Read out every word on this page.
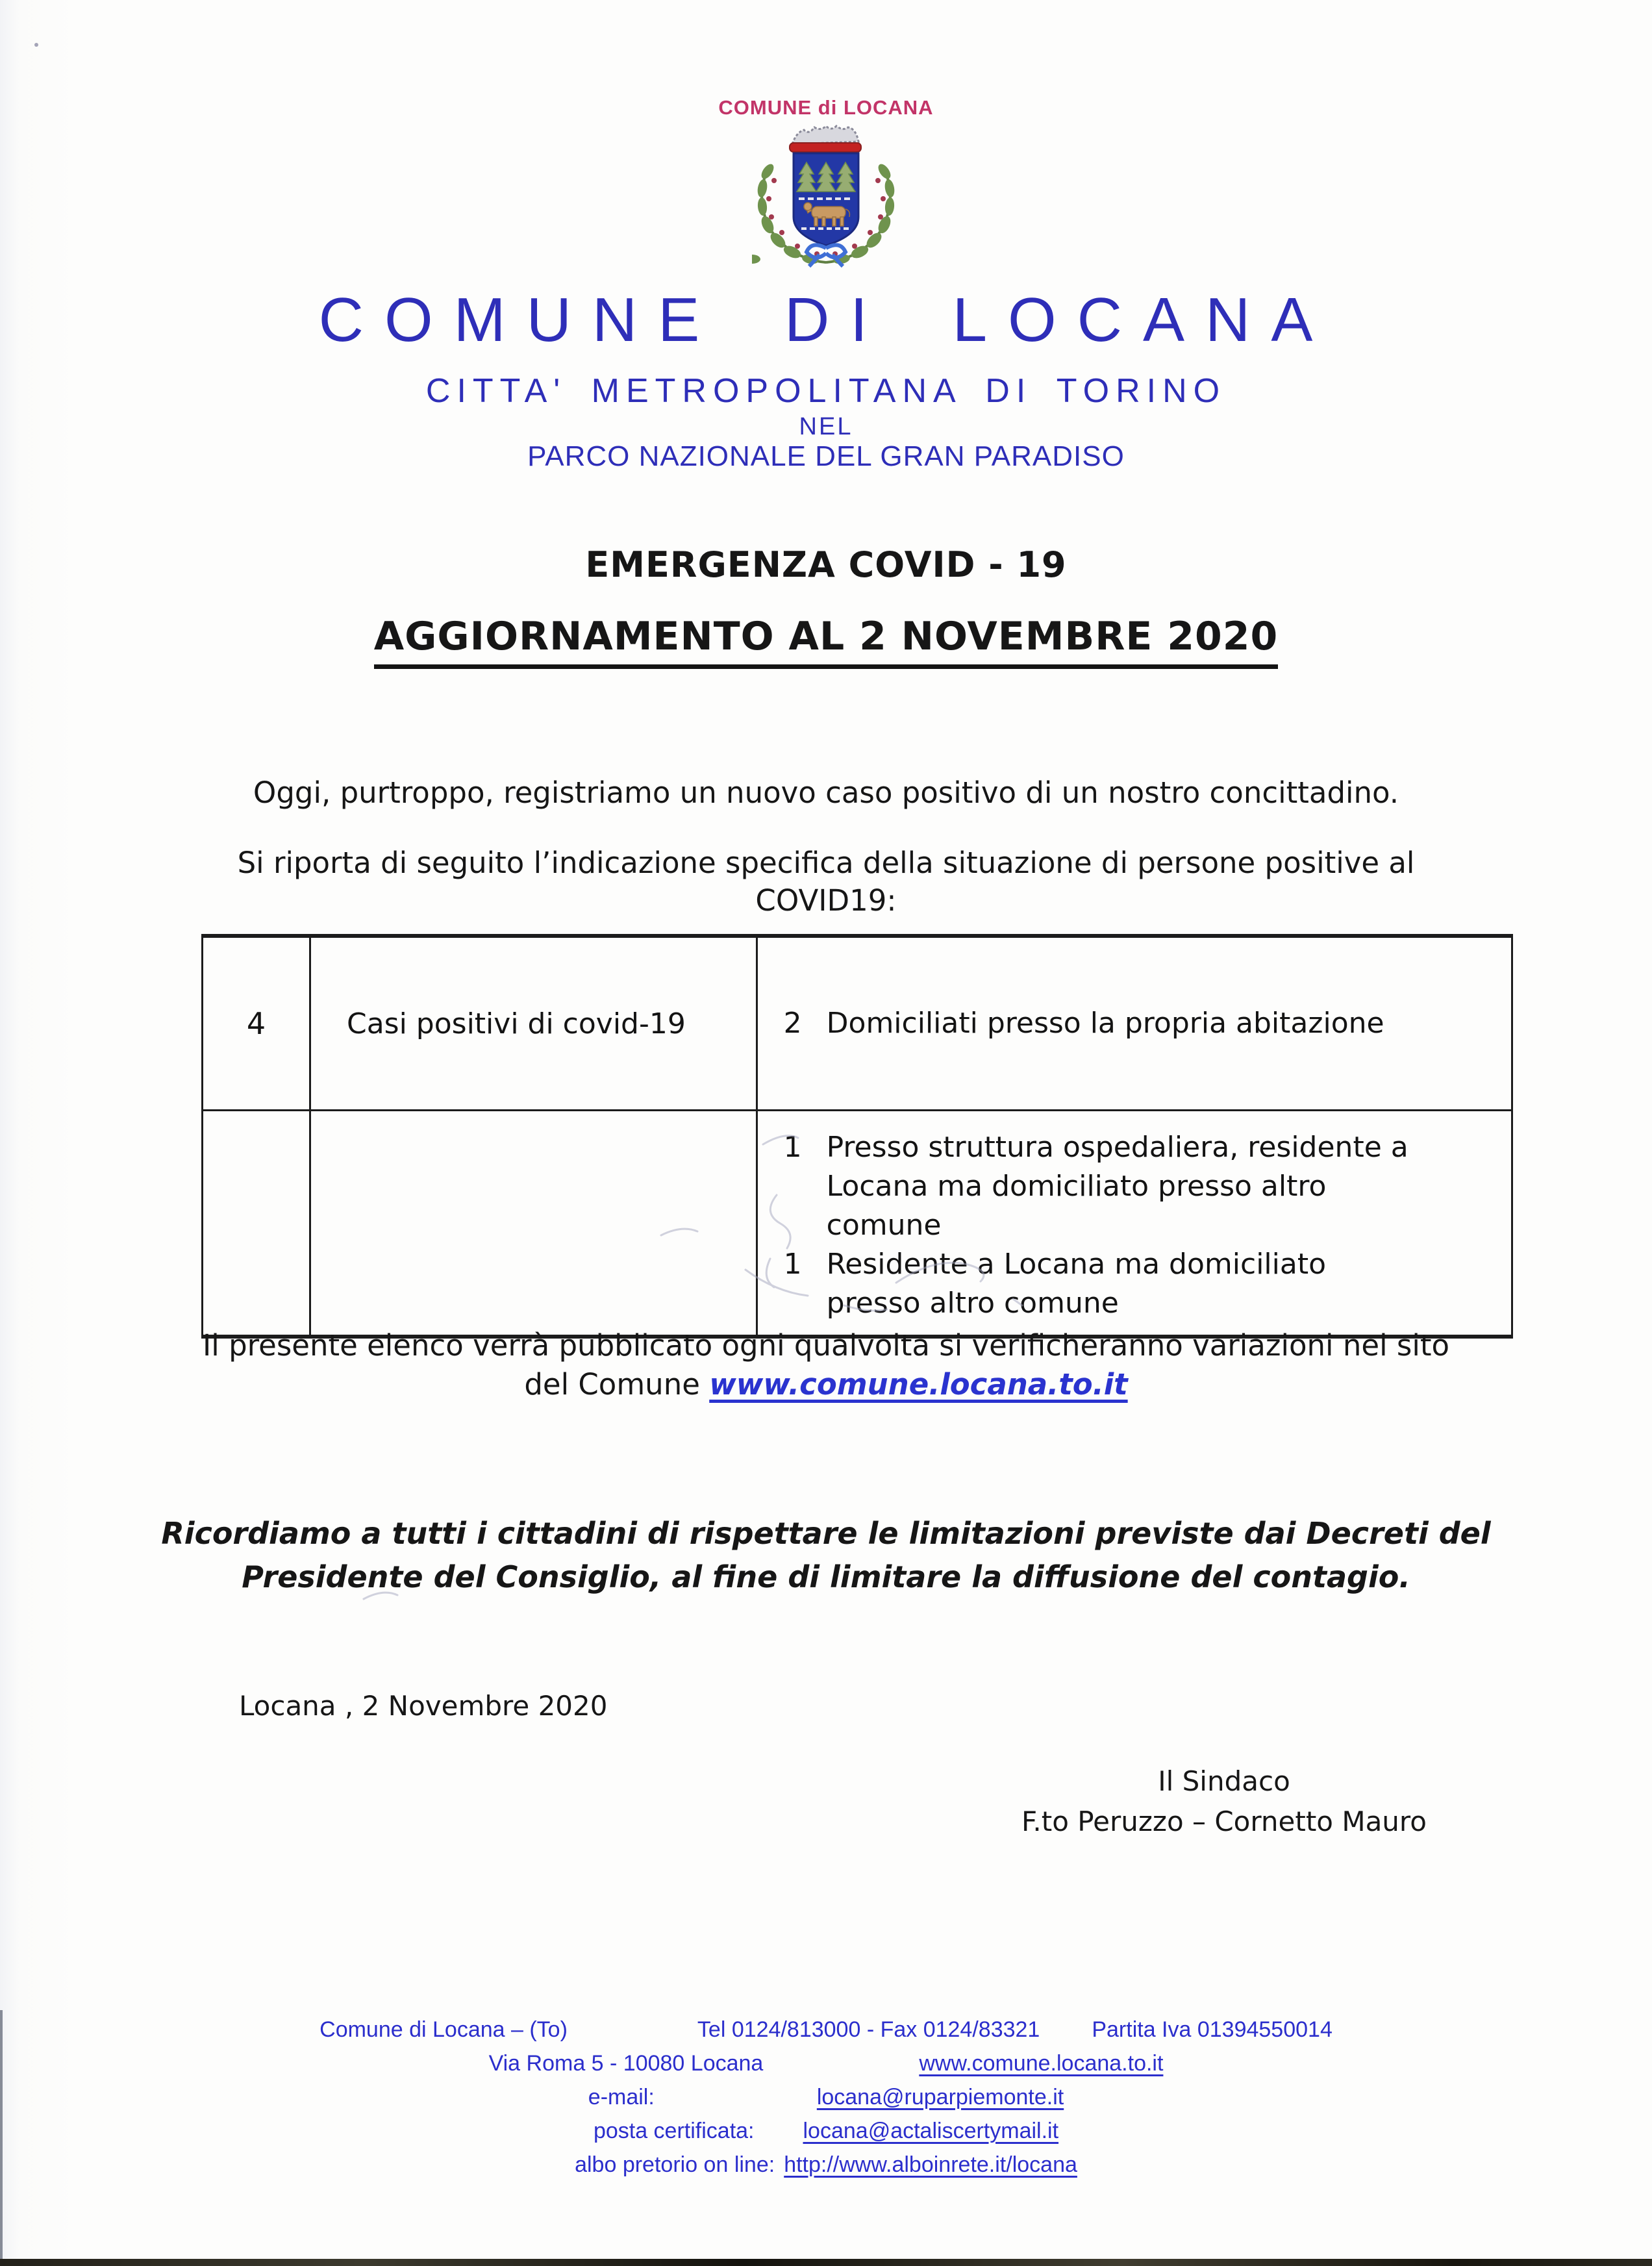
COMUNE di LOCANA
COMUNE DI LOCANA
CITTA' METROPOLITANA DI TORINO
NEL
PARCO NAZIONALE DEL GRAN PARADISO
EMERGENZA COVID - 19
AGGIORNAMENTO AL 2 NOVEMBRE 2020
Oggi, purtroppo, registriamo un nuovo caso positivo di un nostro concittadino.
Si riporta di seguito l’indicazione specifica della situazione di persone positive al
COVID19:
4	Casi positivi di covid-19	2 Domiciliati presso la propria abitazione

1 Presso struttura ospedaliera, residente a
Locana ma domiciliato presso altro
comune
1 Residente a Locana ma domiciliato
presso altro comune
Il presente elenco verrà pubblicato ogni qualvolta si verificheranno variazioni nel sito
del Comune www.comune.locana.to.it
Ricordiamo a tutti i cittadini di rispettare le limitazioni previste dai Decreti del
Presidente del Consiglio, al fine di limitare la diffusione del contagio.
Locana , 2 Novembre 2020
Il Sindaco
F.to Peruzzo – Cornetto Mauro
Comune di Locana – (To)	Tel 0124/813000 - Fax 0124/83321 Partita Iva 01394550014
Via Roma 5 - 10080 Locana	www.comune.locana.to.it
e-mail:	locana@ruparpiemonte.it
posta certificata: locana@actaliscertymail.it
albo pretorio on line: http://www.alboinrete.it/locana
